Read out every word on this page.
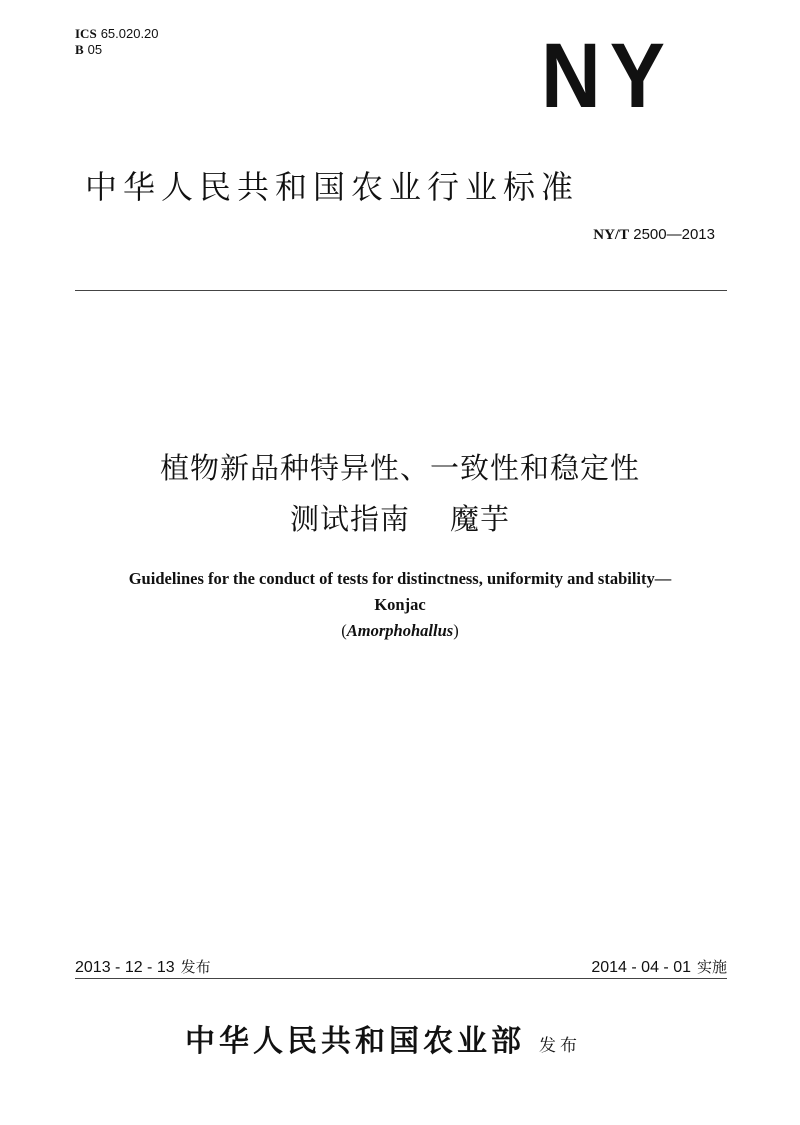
ICS 65.020.20
B 05	NY
中华人民共和国农业行业标准
NY/T 2500—2013
植物新品种特异性、一致性和稳定性
测试指南 魔芋
Guidelines for the conduct of tests for distinctness, uniformity and stability—
Konjac
(Amorphohallus)
2013 - 12 - 13 发布	2014 - 04 - 01 实施
中华人民共和国农业部 发布
